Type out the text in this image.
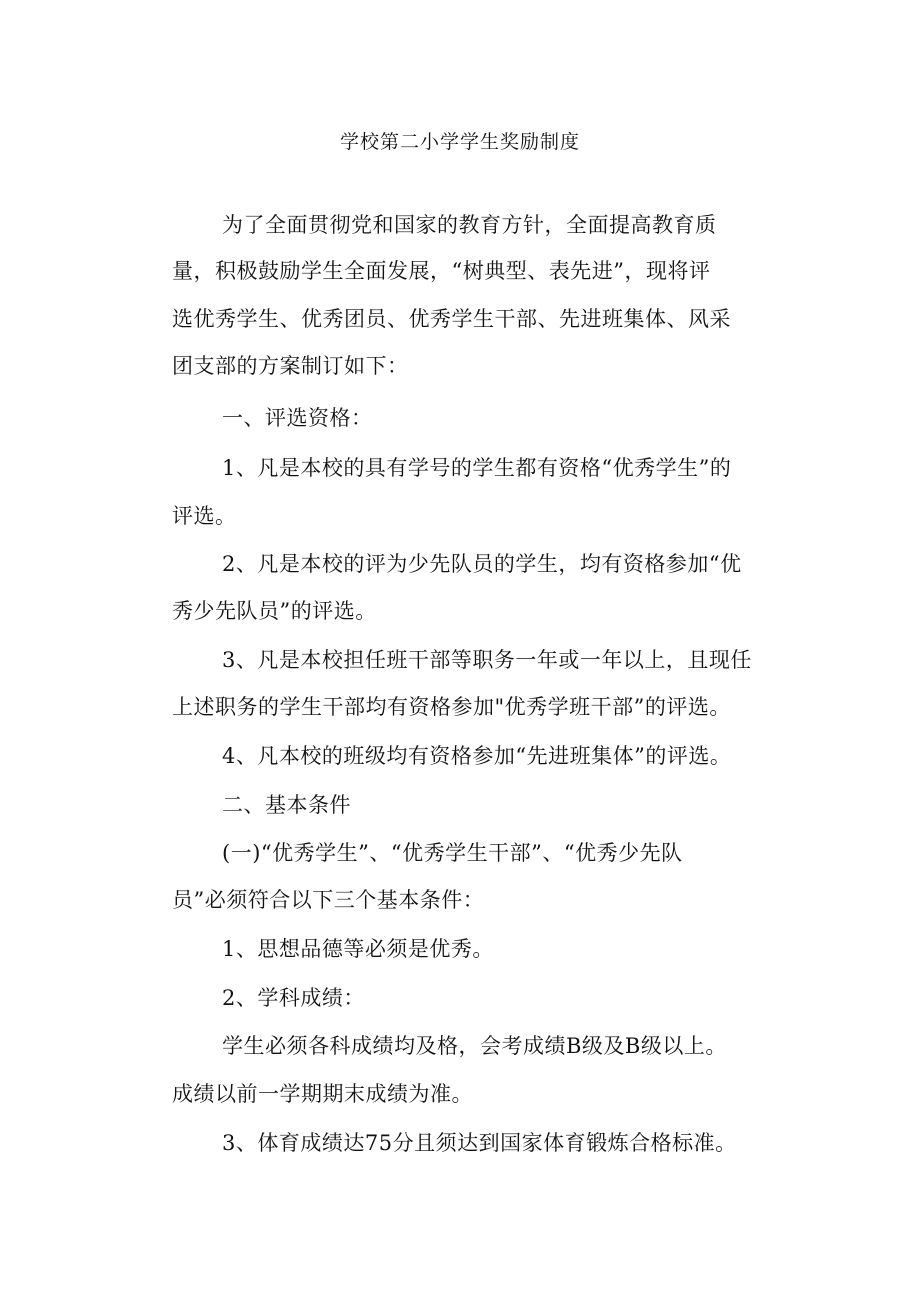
学校第二小学学生奖励制度
为了全面贯彻党和国家的教育方针，全面提高教育质
量，积极鼓励学生全面发展，“树典型、表先进”，现将评
选优秀学生、优秀团员、优秀学生干部、先进班集体、风采
团支部的方案制订如下：
一、评选资格：
1、凡是本校的具有学号的学生都有资格“优秀学生”的
评选。
2、凡是本校的评为少先队员的学生，均有资格参加“优
秀少先队员”的评选。
3、凡是本校担任班干部等职务一年或一年以上，且现任
上述职务的学生干部均有资格参加"优秀学班干部”的评选。
4、凡本校的班级均有资格参加“先进班集体”的评选。
二、基本条件
(一)“优秀学生”、“优秀学生干部”、“优秀少先队
员”必须符合以下三个基本条件：
1、思想品德等必须是优秀。
2、学科成绩：
学生必须各科成绩均及格，会考成绩B级及B级以上。
成绩以前一学期期末成绩为准。
3、体育成绩达75分且须达到国家体育锻炼合格标准。
